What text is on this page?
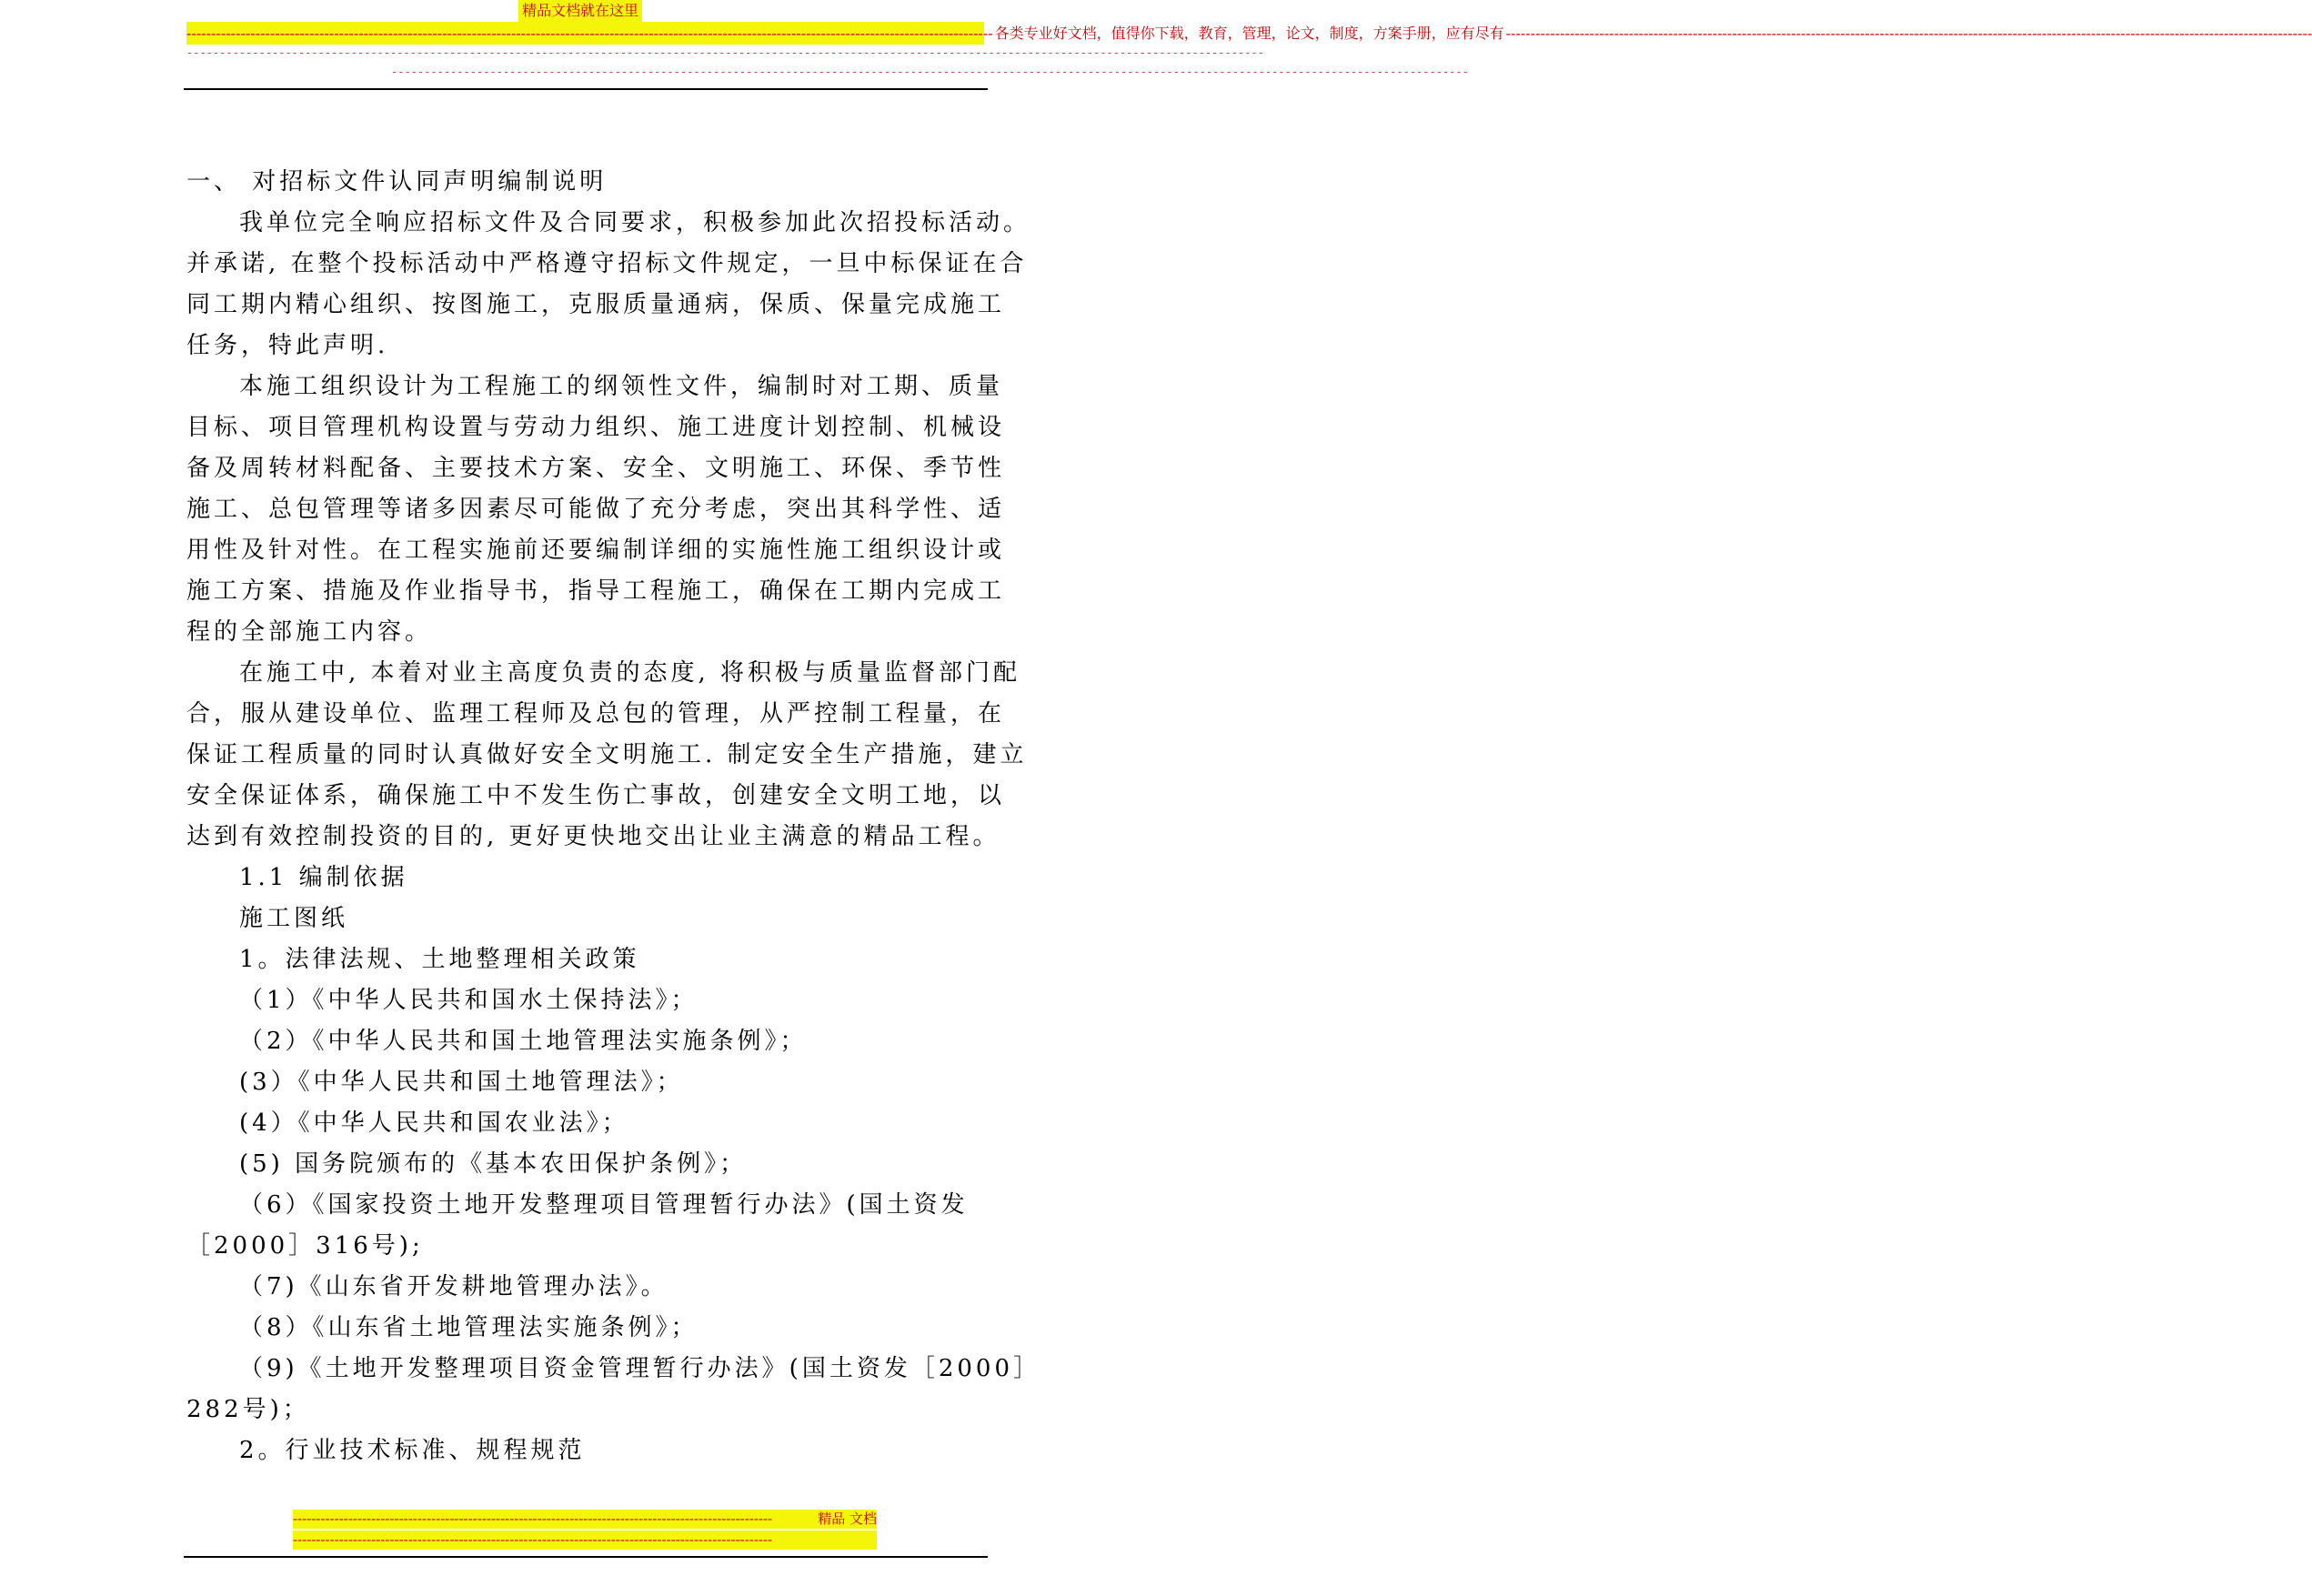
精品文档就在这里
-------------------------------------------------------------------------------------------------------------------------------------------------------------------- 各类专业好文档，值得你下载，教育，管理，论文，制度，方案手册，应有尽有 --------------------------------------------------------------------------------------------------------------------------------------------------------------------
--------------------------------------------------------------------------------------------------------------------------------------------------------------------
--------------------------------------------------------------------------------------------------------------------------------------------------------------------

一、 对招标文件认同声明编制说明

我单位完全响应招标文件及合同要求，积极参加此次招投标活动。

并承诺, 在整个投标活动中严格遵守招标文件规定，一旦中标保证在合

同工期内精心组织、按图施工，克服质量通病，保质、保量完成施工

任务，特此声明.

本施工组织设计为工程施工的纲领性文件，编制时对工期、质量

目标、项目管理机构设置与劳动力组织、施工进度计划控制、机械设

备及周转材料配备、主要技术方案、安全、文明施工、环保、季节性

施工、总包管理等诸多因素尽可能做了充分考虑，突出其科学性、适

用性及针对性。在工程实施前还要编制详细的实施性施工组织设计或

施工方案、措施及作业指导书，指导工程施工，确保在工期内完成工

程的全部施工内容。

在施工中, 本着对业主高度负责的态度, 将积极与质量监督部门配

合，服从建设单位、监理工程师及总包的管理，从严控制工程量，在

保证工程质量的同时认真做好安全文明施工. 制定安全生产措施，建立

安全保证体系，确保施工中不发生伤亡事故，创建安全文明工地，以

达到有效控制投资的目的, 更好更快地交出让业主满意的精品工程。

1.1 编制依据

施工图纸

1。法律法规、土地整理相关政策

（1）《中华人民共和国水土保持法》；

（2）《中华人民共和国土地管理法实施条例》；

(3）《中华人民共和国土地管理法》；

(4）《中华人民共和国农业法》；

(5) 国务院颁布的《基本农田保护条例》；

（6）《国家投资土地开发整理项目管理暂行办法》(国土资发

［2000］316号);

（7)《山东省开发耕地管理办法》。

（8）《山东省土地管理法实施条例》；

（9)《土地开发整理项目资金管理暂行办法》(国土资发［2000］

282号)；

2。行业技术标准、规程规范

--------------------------------------------------------------------------------------------------------	精品 文档
--------------------------------------------------------------------------------------------------------
